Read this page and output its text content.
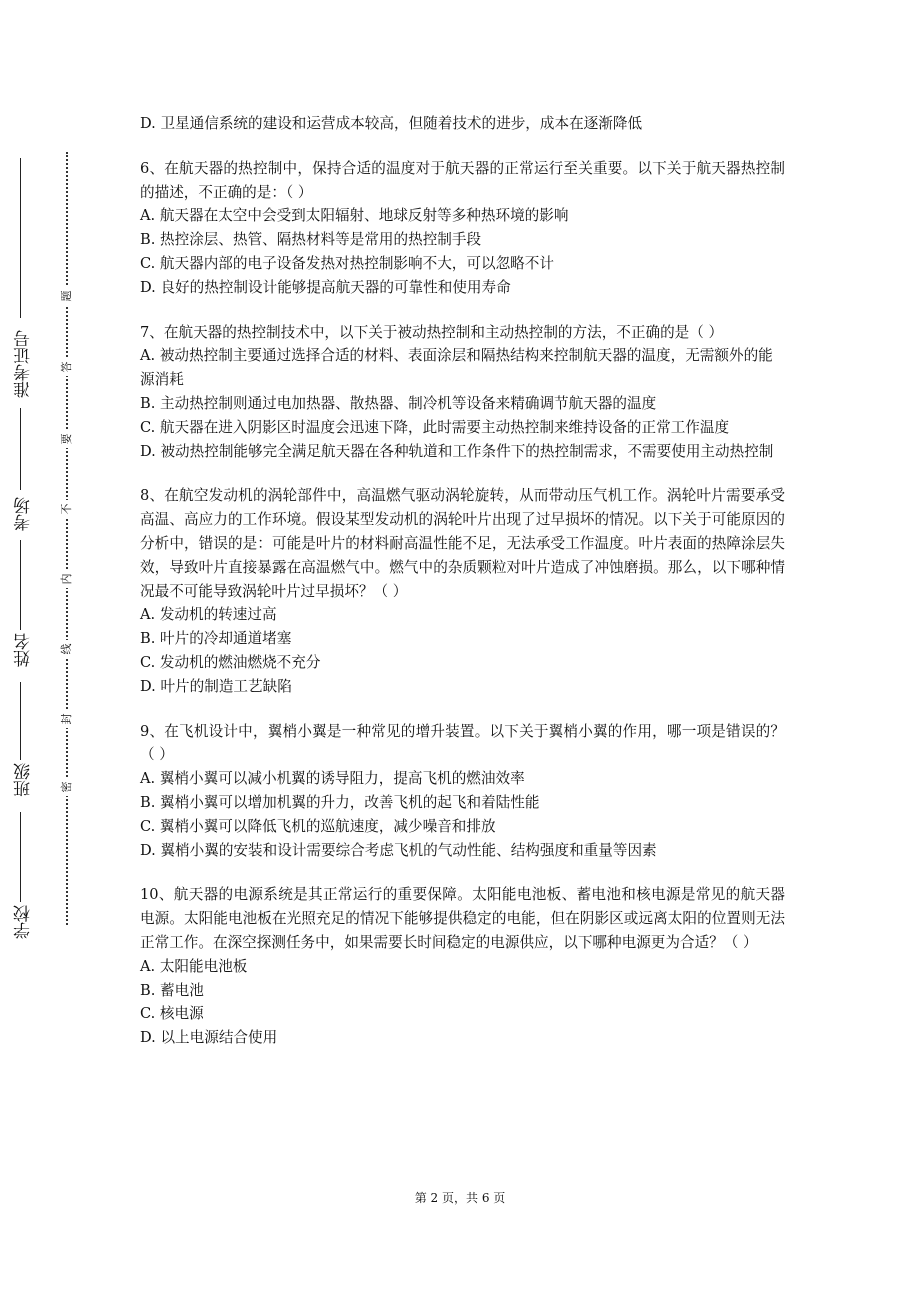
准考证号
考场
姓名
班级
学校
题
答
要
不
内
线
封
密

D. 卫星通信系统的建设和运营成本较高，但随着技术的进步，成本在逐渐降低

6、在航天器的热控制中，保持合适的温度对于航天器的正常运行至关重要。以下关于航天器热控制的描述，不正确的是：（ ）

A. 航天器在太空中会受到太阳辐射、地球反射等多种热环境的影响

B. 热控涂层、热管、隔热材料等是常用的热控制手段

C. 航天器内部的电子设备发热对热控制影响不大，可以忽略不计

D. 良好的热控制设计能够提高航天器的可靠性和使用寿命

7、在航天器的热控制技术中，以下关于被动热控制和主动热控制的方法，不正确的是（ ）

A. 被动热控制主要通过选择合适的材料、表面涂层和隔热结构来控制航天器的温度，无需额外的能源消耗

B. 主动热控制则通过电加热器、散热器、制冷机等设备来精确调节航天器的温度

C. 航天器在进入阴影区时温度会迅速下降，此时需要主动热控制来维持设备的正常工作温度

D. 被动热控制能够完全满足航天器在各种轨道和工作条件下的热控制需求，不需要使用主动热控制

8、在航空发动机的涡轮部件中，高温燃气驱动涡轮旋转，从而带动压气机工作。涡轮叶片需要承受高温、高应力的工作环境。假设某型发动机的涡轮叶片出现了过早损坏的情况。以下关于可能原因的分析中，错误的是：可能是叶片的材料耐高温性能不足，无法承受工作温度。叶片表面的热障涂层失效，导致叶片直接暴露在高温燃气中。燃气中的杂质颗粒对叶片造成了冲蚀磨损。那么，以下哪种情况最不可能导致涡轮叶片过早损坏？（ ）

A. 发动机的转速过高

B. 叶片的冷却通道堵塞

C. 发动机的燃油燃烧不充分

D. 叶片的制造工艺缺陷

9、在飞机设计中，翼梢小翼是一种常见的增升装置。以下关于翼梢小翼的作用，哪一项是错误的？（ ）

A. 翼梢小翼可以减小机翼的诱导阻力，提高飞机的燃油效率

B. 翼梢小翼可以增加机翼的升力，改善飞机的起飞和着陆性能

C. 翼梢小翼可以降低飞机的巡航速度，减少噪音和排放

D. 翼梢小翼的安装和设计需要综合考虑飞机的气动性能、结构强度和重量等因素

10、航天器的电源系统是其正常运行的重要保障。太阳能电池板、蓄电池和核电源是常见的航天器电源。太阳能电池板在光照充足的情况下能够提供稳定的电能，但在阴影区或远离太阳的位置则无法正常工作。在深空探测任务中，如果需要长时间稳定的电源供应，以下哪种电源更为合适？（ ）

A. 太阳能电池板

B. 蓄电池

C. 核电源

D. 以上电源结合使用

第 2 页，共 6 页
